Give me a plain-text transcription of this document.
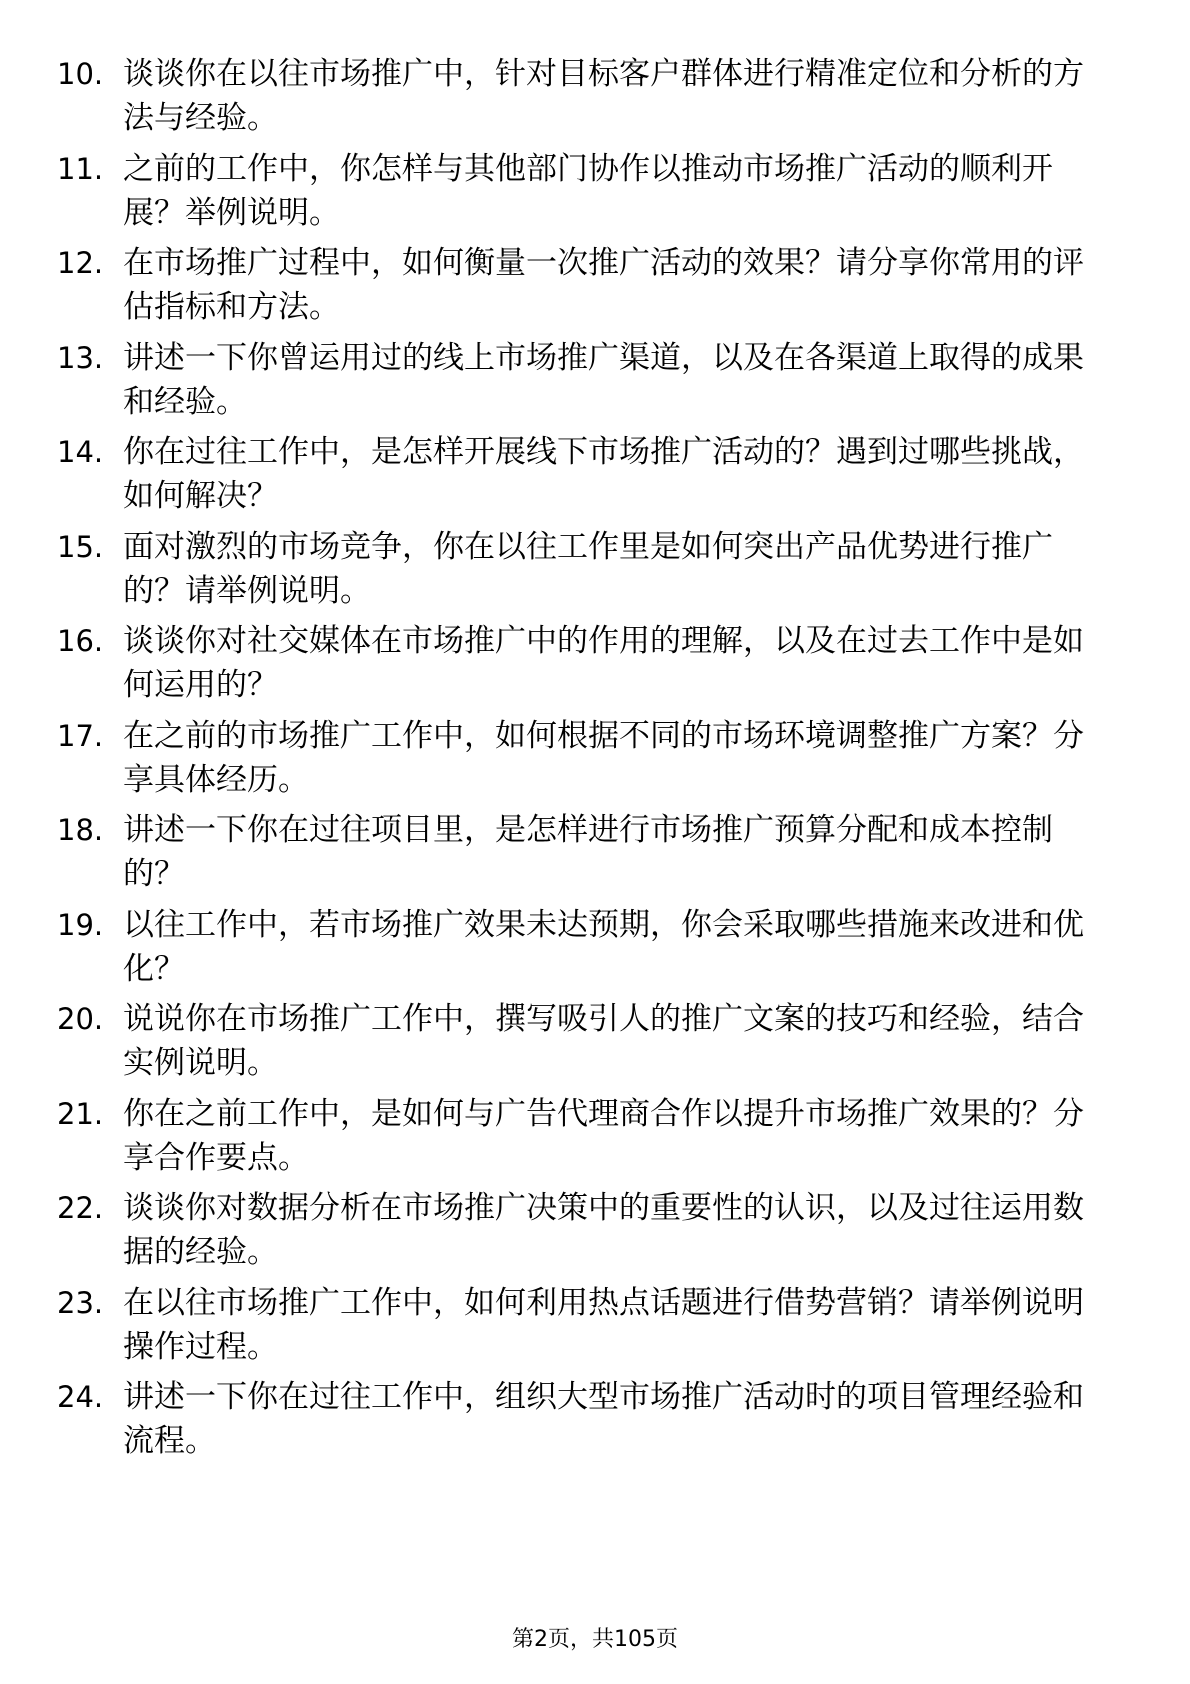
10. 谈谈你在以往市场推广中，针对目标客户群体进行精准定位和分析的方法与经验。
11. 之前的工作中，你怎样与其他部门协作以推动市场推广活动的顺利开展？举例说明。
12. 在市场推广过程中，如何衡量一次推广活动的效果？请分享你常用的评估指标和方法。
13. 讲述一下你曾运用过的线上市场推广渠道，以及在各渠道上取得的成果和经验。
14. 你在过往工作中，是怎样开展线下市场推广活动的？遇到过哪些挑战，如何解决？
15. 面对激烈的市场竞争，你在以往工作里是如何突出产品优势进行推广的？请举例说明。
16. 谈谈你对社交媒体在市场推广中的作用的理解，以及在过去工作中是如何运用的？
17. 在之前的市场推广工作中，如何根据不同的市场环境调整推广方案？分享具体经历。
18. 讲述一下你在过往项目里，是怎样进行市场推广预算分配和成本控制的？
19. 以往工作中，若市场推广效果未达预期，你会采取哪些措施来改进和优化？
20. 说说你在市场推广工作中，撰写吸引人的推广文案的技巧和经验，结合实例说明。
21. 你在之前工作中，是如何与广告代理商合作以提升市场推广效果的？分享合作要点。
22. 谈谈你对数据分析在市场推广决策中的重要性的认识，以及过往运用数据的经验。
23. 在以往市场推广工作中，如何利用热点话题进行借势营销？请举例说明操作过程。
24. 讲述一下你在过往工作中，组织大型市场推广活动时的项目管理经验和流程。
第2页，共105页
